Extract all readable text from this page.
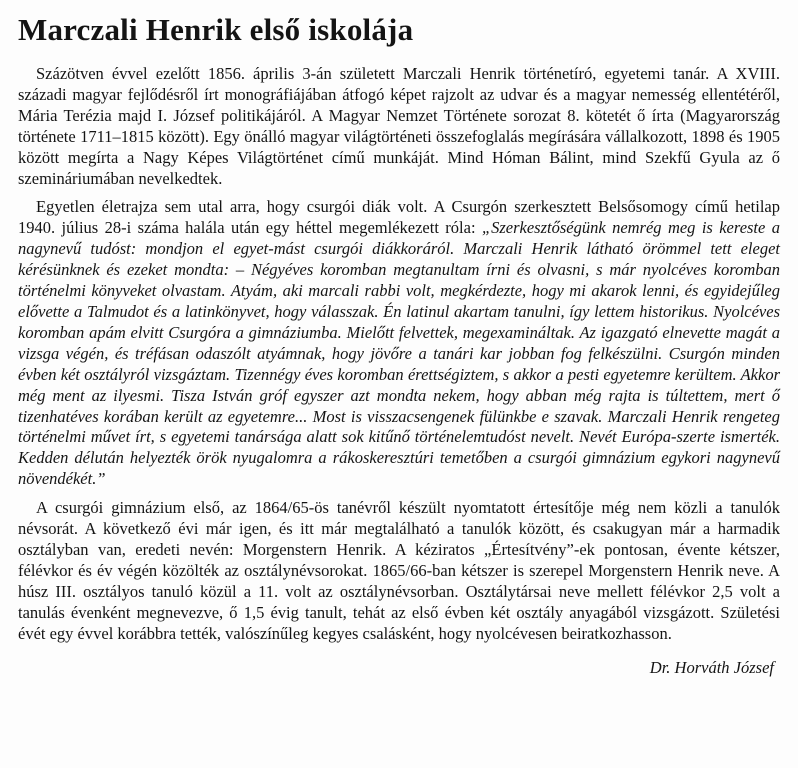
Marczali Henrik első iskolája

Százötven évvel ezelőtt 1856. április 3-án született Marczali Henrik történetíró, egyetemi tanár. A XVIII. századi magyar fejlődésről írt monográfiájában átfogó képet rajzolt az udvar és a magyar nemesség ellentétéről, Mária Terézia majd I. József politikájáról. A Magyar Nemzet Története sorozat 8. kötetét ő írta (Magyarország története 1711–1815 között). Egy önálló magyar világtörténeti összefoglalás megírására vállalkozott, 1898 és 1905 között megírta a Nagy Képes Világtörténet című munkáját. Mind Hóman Bálint, mind Szekfű Gyula az ő szemináriumában nevelkedtek.

Egyetlen életrajza sem utal arra, hogy csurgói diák volt. A Csurgón szerkesztett Belsősomogy című hetilap 1940. július 28-i száma halála után egy héttel megemlékezett róla: „Szerkesztőségünk nemrég meg is kereste a nagynevű tudóst: mondjon el egyet-mást csurgói diákkoráról. Marczali Henrik látható örömmel tett eleget kérésünknek és ezeket mondta: – Négyéves koromban megtanultam írni és olvasni, s már nyolcéves koromban történelmi könyveket olvastam. Atyám, aki marcali rabbi volt, megkérdezte, hogy mi akarok lenni, és egyidejűleg elővette a Talmudot és a latinkönyvet, hogy válasszak. Én latinul akartam tanulni, így lettem historikus. Nyolcéves koromban apám elvitt Csurgóra a gimnáziumba. Mielőtt felvettek, megexamináltak. Az igazgató elnevette magát a vizsga végén, és tréfásan odaszólt atyámnak, hogy jövőre a tanári kar jobban fog felkészülni. Csurgón minden évben két osztályról vizsgáztam. Tizennégy éves koromban érettségiztem, s akkor a pesti egyetemre kerültem. Akkor még ment az ilyesmi. Tisza István gróf egyszer azt mondta nekem, hogy abban még rajta is túltettem, mert ő tizenhatéves korában került az egyetemre... Most is visszacsengenek fülünkbe e szavak. Marczali Henrik rengeteg történelmi művet írt, s egyetemi tanársága alatt sok kitűnő történelemtudóst nevelt. Nevét Európa-szerte ismerték. Kedden délután helyezték örök nyugalomra a rákoskeresztúri temetőben a csurgói gimnázium egykori nagynevű növendékét.”

A csurgói gimnázium első, az 1864/65-ös tanévről készült nyomtatott értesítője még nem közli a tanulók névsorát. A következő évi már igen, és itt már megtalálható a tanulók között, és csakugyan már a harmadik osztályban van, eredeti nevén: Morgenstern Henrik. A kéziratos „Értesítvény”-ek pontosan, évente kétszer, félévkor és év végén közölték az osztálynévsorokat. 1865/66-ban kétszer is szerepel Morgenstern Henrik neve. A húsz III. osztályos tanuló közül a 11. volt az osztálynévsorban. Osztálytársai neve mellett félévkor 2,5 volt a tanulás évenként megnevezve, ő 1,5 évig tanult, tehát az első évben két osztály anyagából vizsgázott. Születési évét egy évvel korábbra tették, valószínűleg kegyes csalásként, hogy nyolcévesen beiratkozhasson.

Dr. Horváth József
